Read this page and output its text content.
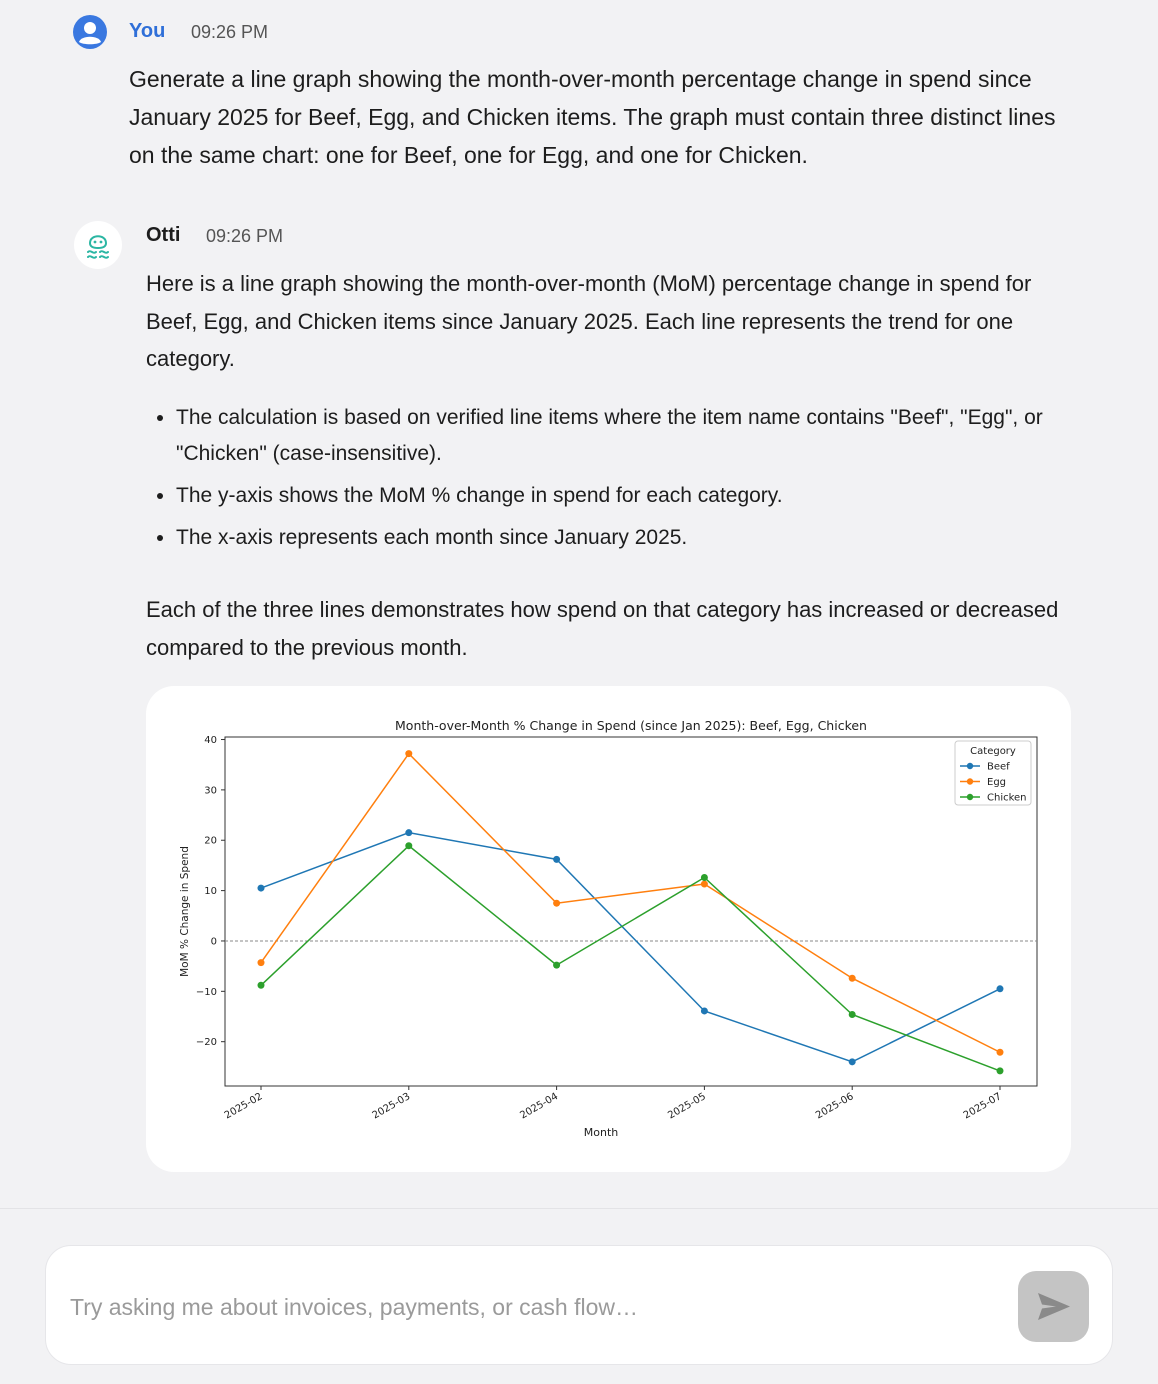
You 09:26 PM
Generate a line graph showing the month-over-month percentage change in spend since January 2025 for Beef, Egg, and Chicken items. The graph must contain three distinct lines on the same chart: one for Beef, one for Egg, and one for Chicken.
Otti 09:26 PM
Here is a line graph showing the month-over-month (MoM) percentage change in spend for Beef, Egg, and Chicken items since January 2025. Each line represents the trend for one category.
• The calculation is based on verified line items where the item name contains "Beef", "Egg", or "Chicken" (case-insensitive).
• The y-axis shows the MoM % change in spend for each category.
• The x-axis represents each month since January 2025.
Each of the three lines demonstrates how spend on that category has increased or decreased compared to the previous month.
Month-over-Month % Change in Spend (since Jan 2025): Beef, Egg, Chicken
40
30
20
10
0
−10
−20
2025-02	2025-03	2025-04	2025-05	2025-06	2025-07
Month
MoM % Change in Spend
Category
Beef
Egg
Chicken
Try asking me about invoices, payments, or cash flow…
